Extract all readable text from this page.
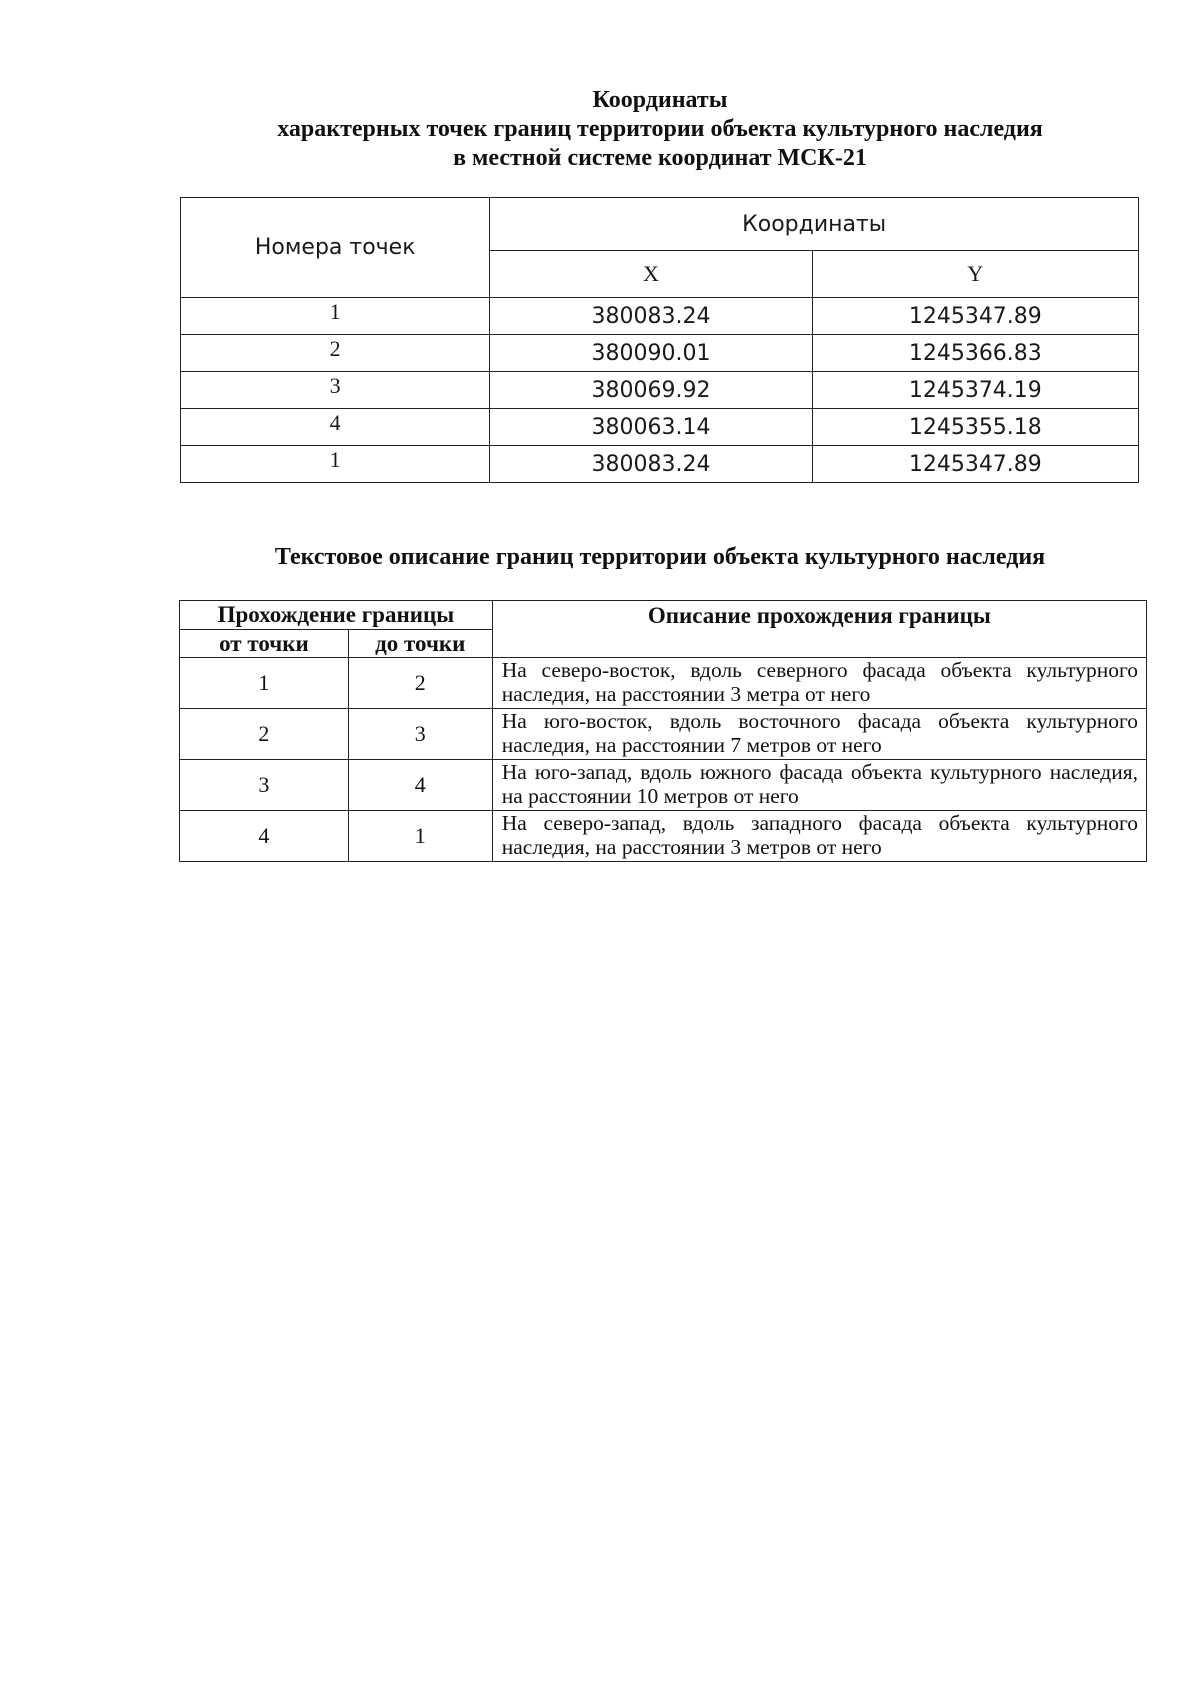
Координаты
характерных точек границ территории объекта культурного наследия
в местной системе координат МСК-21
Номера точек	Координаты	
	X	Y
1	380083.24	1245347.89
2	380090.01	1245366.83
3	380069.92	1245374.19
4	380063.14	1245355.18
1	380083.24	1245347.89
Текстовое описание границ территории объекта культурного наследия
Прохождение границы		Описание прохождения границы
от точки	до точки	
1	2	На северо-восток, вдоль северного фасада объекта культурного наследия, на расстоянии 3 метра от него
2	3	На юго-восток, вдоль восточного фасада объекта культурного наследия, на расстоянии 7 метров от него
3	4	На юго-запад, вдоль южного фасада объекта культурного наследия, на расстоянии 10 метров от него
4	1	На северо-запад, вдоль западного фасада объекта культурного наследия, на расстоянии 3 метров от него
